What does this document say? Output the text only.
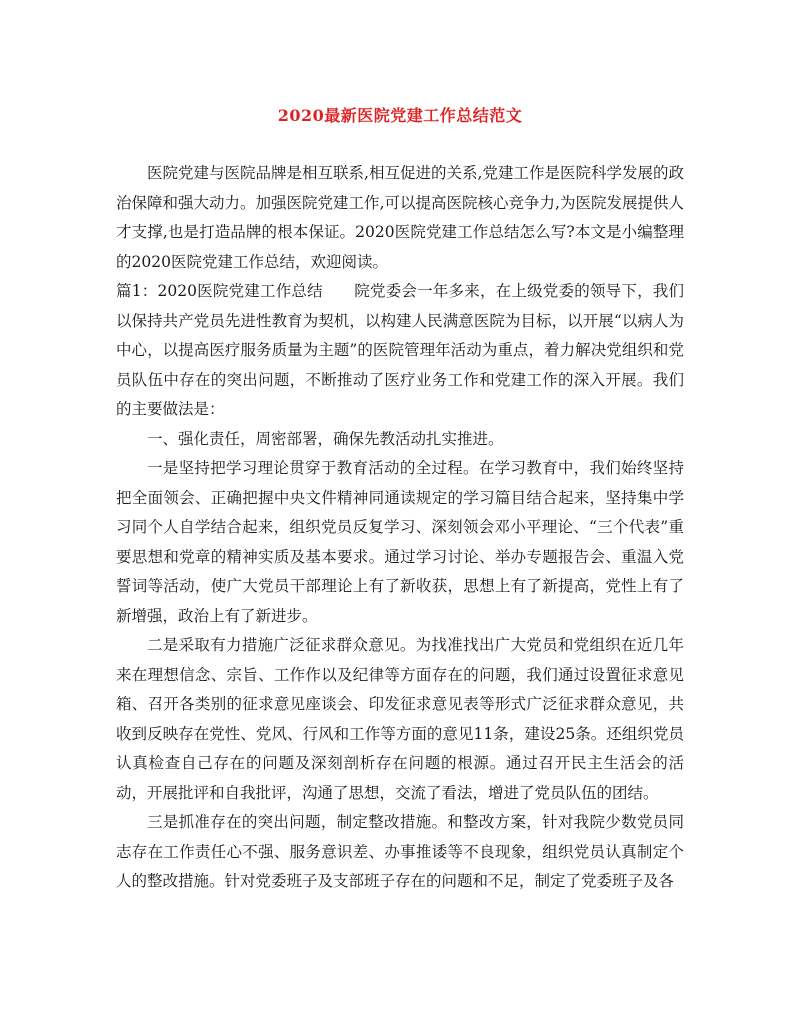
2020最新医院党建工作总结范文

医院党建与医院品牌是相互联系,相互促进的关系,党建工作是医院科学发展的政治保障和强大动力。加强医院党建工作,可以提高医院核心竞争力,为医院发展提供人才支撑,也是打造品牌的根本保证。2020医院党建工作总结怎么写?本文是小编整理的2020医院党建工作总结，欢迎阅读。

篇1：2020医院党建工作总结　　院党委会一年多来，在上级党委的领导下，我们以保持共产党员先进性教育为契机，以构建人民满意医院为目标，以开展“以病人为中心，以提高医疗服务质量为主题”的医院管理年活动为重点，着力解决党组织和党员队伍中存在的突出问题，不断推动了医疗业务工作和党建工作的深入开展。我们的主要做法是：

一、强化责任，周密部署，确保先教活动扎实推进。

一是坚持把学习理论贯穿于教育活动的全过程。在学习教育中，我们始终坚持把全面领会、正确把握中央文件精神同通读规定的学习篇目结合起来，坚持集中学习同个人自学结合起来，组织党员反复学习、深刻领会邓小平理论、“三个代表”重要思想和党章的精神实质及基本要求。通过学习讨论、举办专题报告会、重温入党誓词等活动，使广大党员干部理论上有了新收获，思想上有了新提高，党性上有了新增强，政治上有了新进步。

二是采取有力措施广泛征求群众意见。为找准找出广大党员和党组织在近几年来在理想信念、宗旨、工作作以及纪律等方面存在的问题，我们通过设置征求意见箱、召开各类别的征求意见座谈会、印发征求意见表等形式广泛征求群众意见，共收到反映存在党性、党风、行风和工作等方面的意见11条，建设25条。还组织党员认真检查自己存在的问题及深刻剖析存在问题的根源。通过召开民主生活会的活动，开展批评和自我批评，沟通了思想，交流了看法，增进了党员队伍的团结。

三是抓准存在的突出问题，制定整改措施。和整改方案，针对我院少数党员同志存在工作责任心不强、服务意识差、办事推诿等不良现象，组织党员认真制定个人的整改措施。针对党委班子及支部班子存在的问题和不足，制定了党委班子及各
